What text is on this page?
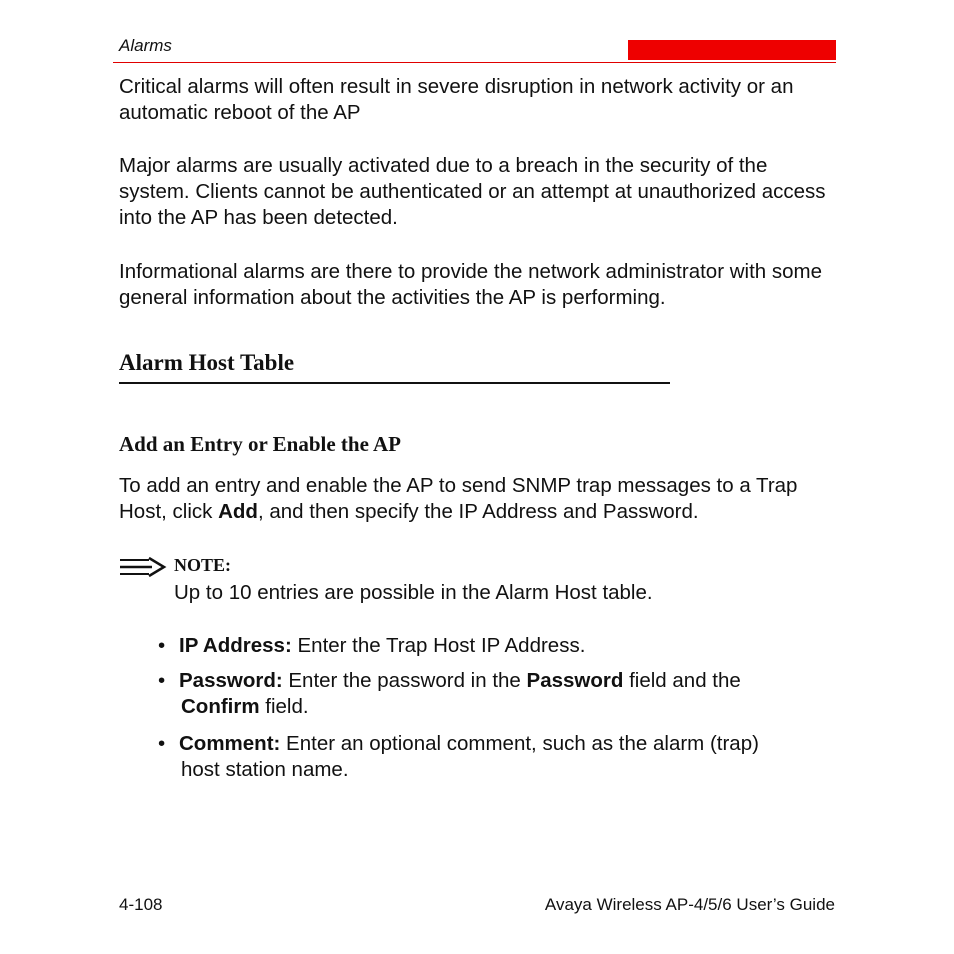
Alarms

Critical alarms will often result in severe disruption in network activity or an automatic reboot of the AP

Major alarms are usually activated due to a breach in the security of the system. Clients cannot be authenticated or an attempt at unauthorized access into the AP has been detected.

Informational alarms are there to provide the network administrator with some general information about the activities the AP is performing.

Alarm Host Table
Add an Entry or Enable the AP

To add an entry and enable the AP to send SNMP trap messages to a Trap Host, click Add, and then specify the IP Address and Password.

NOTE:
Up to 10 entries are possible in the Alarm Host table.
• IP Address: Enter the Trap Host IP Address.
• Password: Enter the password in the Password field and the
Confirm field.
• Comment: Enter an optional comment, such as the alarm (trap)
host station name.
4-108	Avaya Wireless AP-4/5/6 User’s Guide
